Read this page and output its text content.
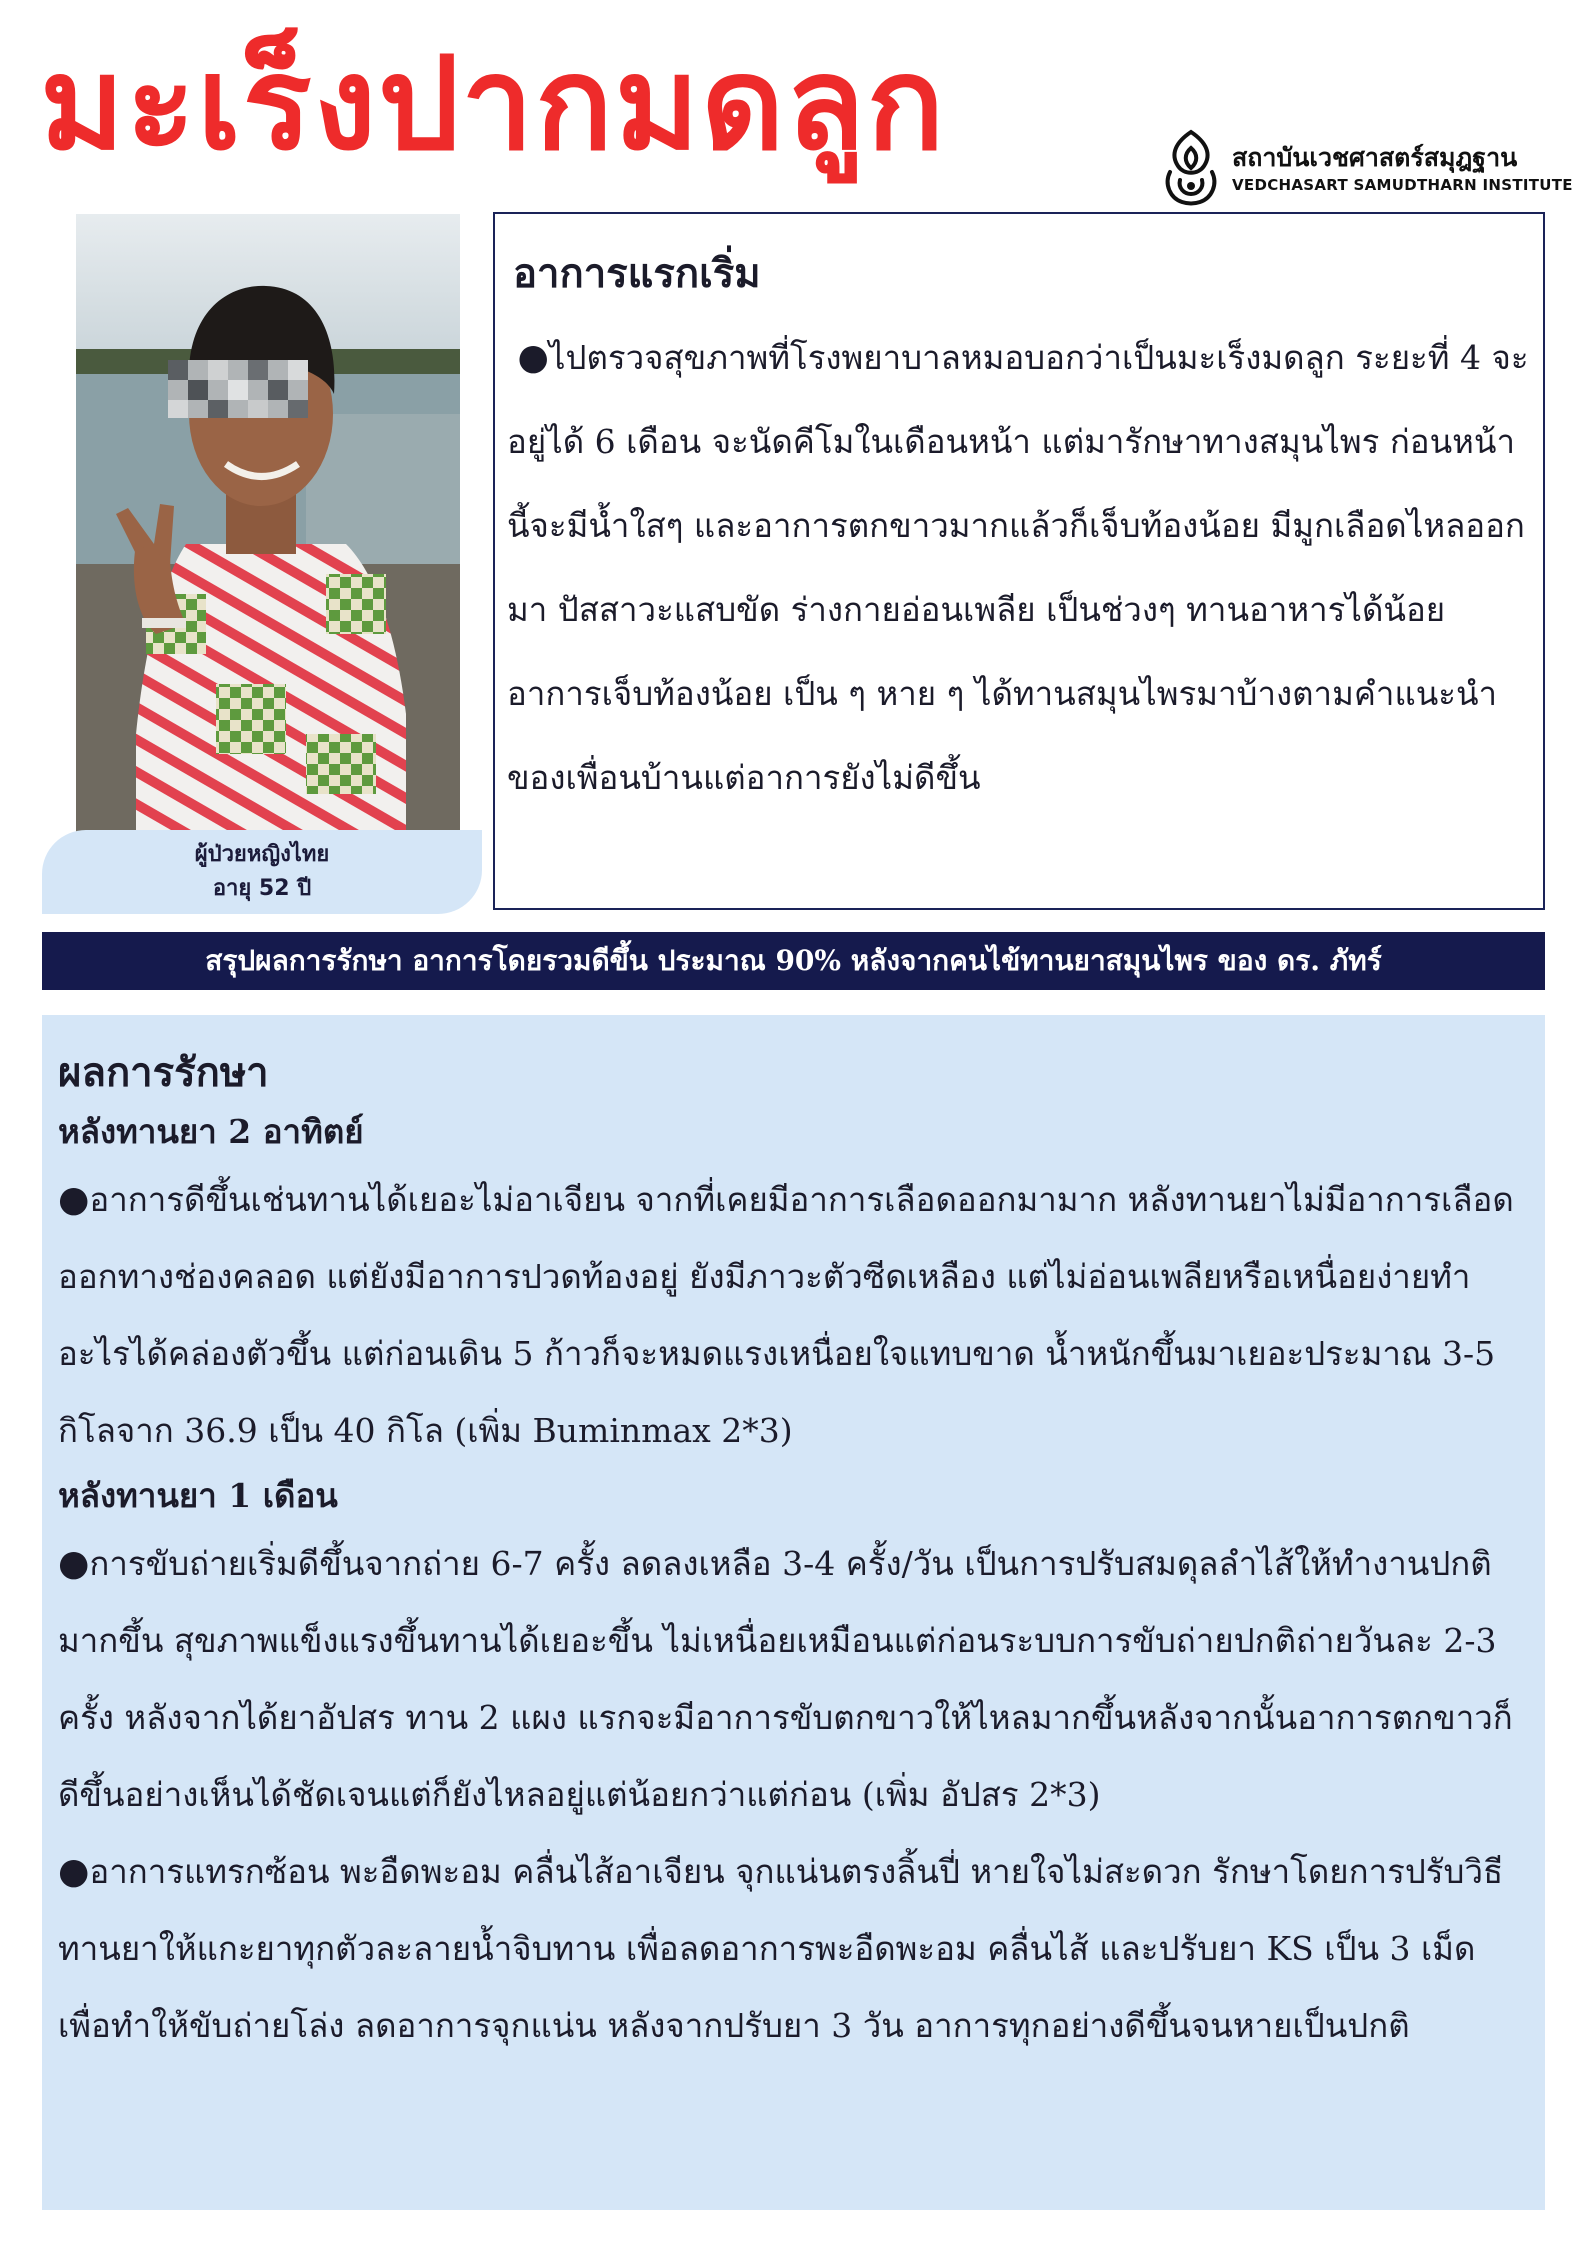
มะเร็งปากมดลูก	สถาบันเวชศาสตร์สมุฎฐาน
VEDCHASART SAMUDTHARN INSTITUTE
ผู้ป่วยหญิงไทย
อายุ 52 ปี
อาการแรกเริ่ม

●ไปตรวจสุขภาพที่โรงพยาบาลหมอบอกว่าเป็นมะเร็งมดลูก ระยะที่ 4 จะอยู่ได้ 6 เดือน จะนัดคีโมในเดือนหน้า แต่มารักษาทางสมุนไพร ก่อนหน้านี้จะมีน้ำใสๆ และอาการตกขาวมากแล้วก็เจ็บท้องน้อย มีมูกเลือดไหลออกมา ปัสสาวะแสบขัด ร่างกายอ่อนเพลีย เป็นช่วงๆ ทานอาหารได้น้อยอาการเจ็บท้องน้อย เป็น ๆ หาย ๆ ได้ทานสมุนไพรมาบ้างตามคำแนะนำของเพื่อนบ้านแต่อาการยังไม่ดีขึ้น

สรุปผลการรักษา อาการโดยรวมดีขึ้น ประมาณ 90% หลังจากคนไข้ทานยาสมุนไพร ของ ดร. ภัทร์
ผลการรักษา
หลังทานยา 2 อาทิตย์

●อาการดีขึ้นเช่นทานได้เยอะไม่อาเจียน จากที่เคยมีอาการเลือดออกมามาก หลังทานยาไม่มีอาการเลือดออกทางช่องคลอด แต่ยังมีอาการปวดท้องอยู่ ยังมีภาวะตัวซีดเหลือง แต่ไม่อ่อนเพลียหรือเหนื่อยง่ายทำอะไรได้คล่องตัวขึ้น แต่ก่อนเดิน 5 ก้าวก็จะหมดแรงเหนื่อยใจแทบขาด น้ำหนักขึ้นมาเยอะประมาณ 3-5 กิโลจาก 36.9 เป็น 40 กิโล (เพิ่ม Buminmax 2*3)

หลังทานยา 1 เดือน

●การขับถ่ายเริ่มดีขึ้นจากถ่าย 6-7 ครั้ง ลดลงเหลือ 3-4 ครั้ง/วัน เป็นการปรับสมดุลลำไส้ให้ทำงานปกติมากขึ้น สุขภาพแข็งแรงขึ้นทานได้เยอะขึ้น ไม่เหนื่อยเหมือนแต่ก่อนระบบการขับถ่ายปกติถ่ายวันละ 2-3 ครั้ง หลังจากได้ยาอัปสร ทาน 2 แผง แรกจะมีอาการขับตกขาวให้ไหลมากขึ้นหลังจากนั้นอาการตกขาวก็ดีขึ้นอย่างเห็นได้ชัดเจนแต่ก็ยังไหลอยู่แต่น้อยกว่าแต่ก่อน (เพิ่ม อัปสร 2*3)

●อาการแทรกซ้อน พะอืดพะอม คลื่นไส้อาเจียน จุกแน่นตรงลิ้นปี่ หายใจไม่สะดวก รักษาโดยการปรับวิธีทานยาให้แกะยาทุกตัวละลายน้ำจิบทาน เพื่อลดอาการพะอืดพะอม คลื่นไส้ และปรับยา KS เป็น 3 เม็ด เพื่อทำให้ขับถ่ายโล่ง ลดอาการจุกแน่น หลังจากปรับยา 3 วัน อาการทุกอย่างดีขึ้นจนหายเป็นปกติ
